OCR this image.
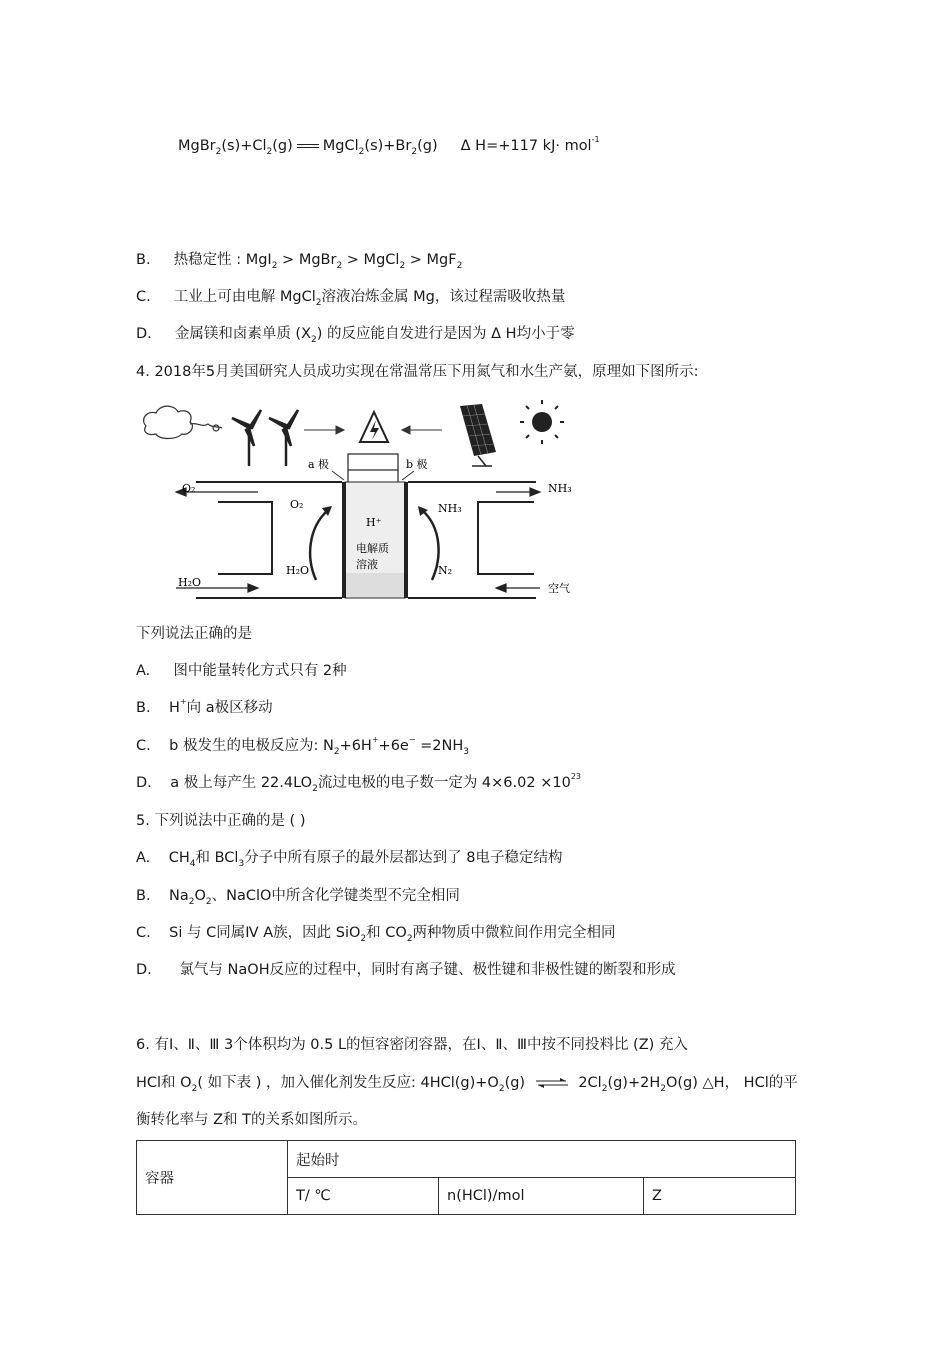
$MgBr_2(s)+Cl_2(g)$ $MgCl_2(s)+Br_2(g)$ Δ H=+117 kJ· mol$^{-1}$
B. 热稳定性 : MgI$_2$ > MgBr$_2$ > MgCl$_2$ > MgF$_2$
C. 工业上可由电解 MgCl$_2$溶液冶炼金属 Mg，该过程需吸收热量
D. 金属镁和卤素单质 $(X_2)$ 的反应能自发进行是因为 Δ H均小于零
4. 2018年5月美国研究人员成功实现在常温常压下用氮气和水生产氨，原理如下图所示:
a 极	b 极
H⁺
电解质
溶液
O₂
O₂
H₂O
H₂O
NH₃
NH₃
N₂
空气
下列说法正确的是
A. 图中能量转化方式只有 2种
B. H+向 a极区移动
C. b 极发生的电极反应为: $N_2+6H^++6e^- =2NH_3$
D. a 极上每产生 $22.4LO_2$流过电极的电子数一定为 $4\times 6.02 \times 10^{23}$
5. 下列说法中正确的是 ( )
A. $CH_4$和 BCl$_3$分子中所有原子的最外层都达到了 8电子稳定结构
B. $Na_2O_2$、NaClO中所含化学键类型不完全相同
C. Si 与 C同属Ⅳ A族，因此 SiO$_2$和 $CO_2$两种物质中微粒间作用完全相同
D. 氯气与 NaOH反应的过程中，同时有离子键、极性键和非极性键的断裂和形成
6. 有Ⅰ、Ⅱ、Ⅲ 3个体积均为 0.5 L的恒容密闭容器，在Ⅰ、Ⅱ、Ⅲ中按不同投料比 (Z) 充入
HCl和 $O_2$( 如下表 ) ，加入催化剂发生反应: $4HCl(g)+O_2(g)$ ⇌ $2Cl_2(g)+2H_2O(g)$ △H， HCl的平
衡转化率与 Z和 T的关系如图所示。
容器	起始时		
	T/ ℃	n(HCl)/mol	Z
